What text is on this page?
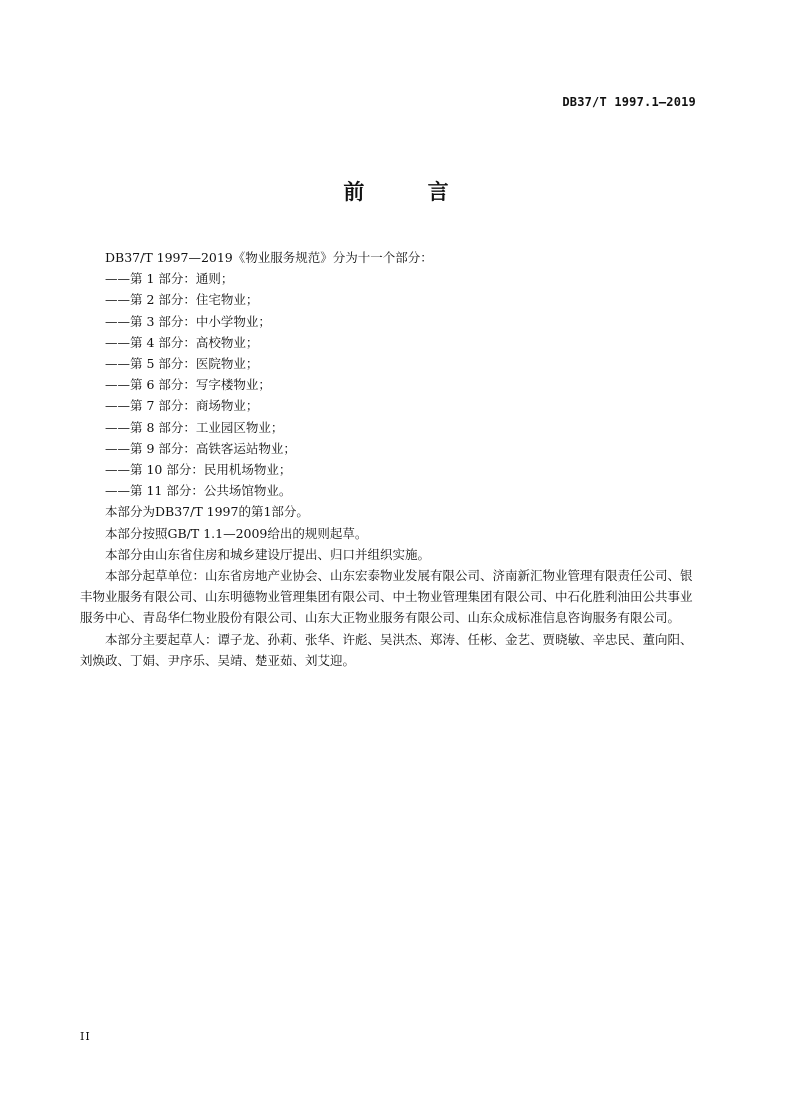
DB37/T 1997.1—2019
前 言

DB37/T 1997—2019《物业服务规范》分为十一个部分：

——第 1 部分：通则；

——第 2 部分：住宅物业；

——第 3 部分：中小学物业；

——第 4 部分：高校物业；

——第 5 部分：医院物业；

——第 6 部分：写字楼物业；

——第 7 部分：商场物业；

——第 8 部分：工业园区物业；

——第 9 部分：高铁客运站物业；

——第 10 部分：民用机场物业；

——第 11 部分：公共场馆物业。

本部分为DB37/T 1997的第1部分。

本部分按照GB/T 1.1—2009给出的规则起草。

本部分由山东省住房和城乡建设厅提出、归口并组织实施。

本部分起草单位：山东省房地产业协会、山东宏泰物业发展有限公司、济南新汇物业管理有限责任公司、银丰物业服务有限公司、山东明德物业管理集团有限公司、中土物业管理集团有限公司、中石化胜利油田公共事业服务中心、青岛华仁物业股份有限公司、山东大正物业服务有限公司、山东众成标准信息咨询服务有限公司。

本部分主要起草人：谭子龙、孙莉、张华、许彪、吴洪杰、郑涛、任彬、金艺、贾晓敏、辛忠民、董向阳、刘焕政、丁娟、尹序乐、吴靖、楚亚茹、刘艾迎。

II
